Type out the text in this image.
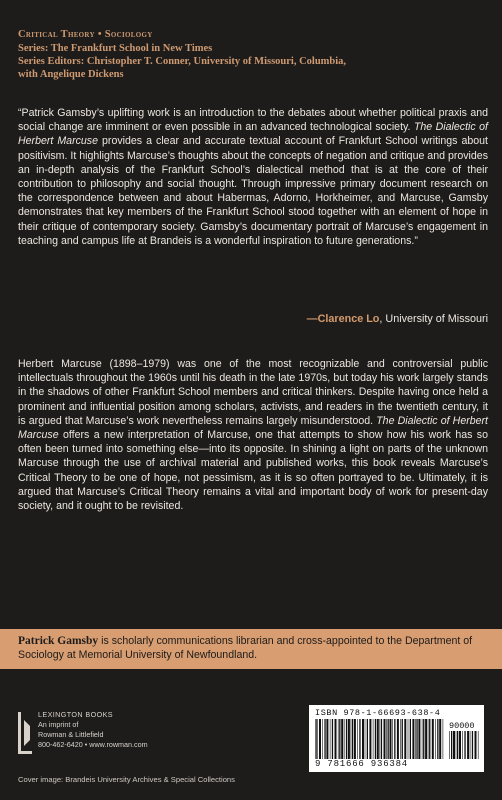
Critical Theory • Sociology
Series: The Frankfurt School in New Times
Series Editors: Christopher T. Conner, University of Missouri, Columbia,
with Angelique Dickens
“Patrick Gamsby’s uplifting work is an introduction to the debates about whether political praxis and social change are imminent or even possible in an advanced technological society. The Dialectic of Herbert Marcuse provides a clear and accurate textual account of Frankfurt School writings about positivism. It highlights Marcuse’s thoughts about the concepts of negation and critique and provides an in-depth analysis of the Frankfurt School’s dialectical method that is at the core of their contribution to philosophy and social thought. Through impressive primary document research on the correspondence between and about Habermas, Adorno, Horkheimer, and Marcuse, Gamsby demonstrates that key members of the Frankfurt School stood together with an element of hope in their critique of contemporary society. Gamsby’s documentary portrait of Marcuse’s engagement in teaching and campus life at Brandeis is a wonderful inspiration to future generations.”
—Clarence Lo, University of Missouri
Herbert Marcuse (1898–1979) was one of the most recognizable and controversial public intellectuals throughout the 1960s until his death in the late 1970s, but today his work largely stands in the shadows of other Frankfurt School members and critical thinkers. Despite having once held a prominent and influential position among scholars, activists, and readers in the twentieth century, it is argued that Marcuse’s work nevertheless remains largely misunderstood. The Dialectic of Herbert Marcuse offers a new interpretation of Marcuse, one that attempts to show how his work has so often been turned into something else—into its opposite. In shining a light on parts of the unknown Marcuse through the use of archival material and published works, this book reveals Marcuse’s Critical Theory to be one of hope, not pessimism, as it is so often portrayed to be. Ultimately, it is argued that Marcuse’s Critical Theory remains a vital and important body of work for present-day society, and it ought to be revisited.
Patrick Gamsby is scholarly communications librarian and cross-appointed to the Department of Sociology at Memorial University of Newfoundland.
LEXINGTON BOOKS
An imprint of
Rowman & Littlefield
800-462-6420 • www.rowman.com
Cover image: Brandeis University Archives & Special Collections
ISBN 978-1-66693-638-4
9 781666 936384
90000
